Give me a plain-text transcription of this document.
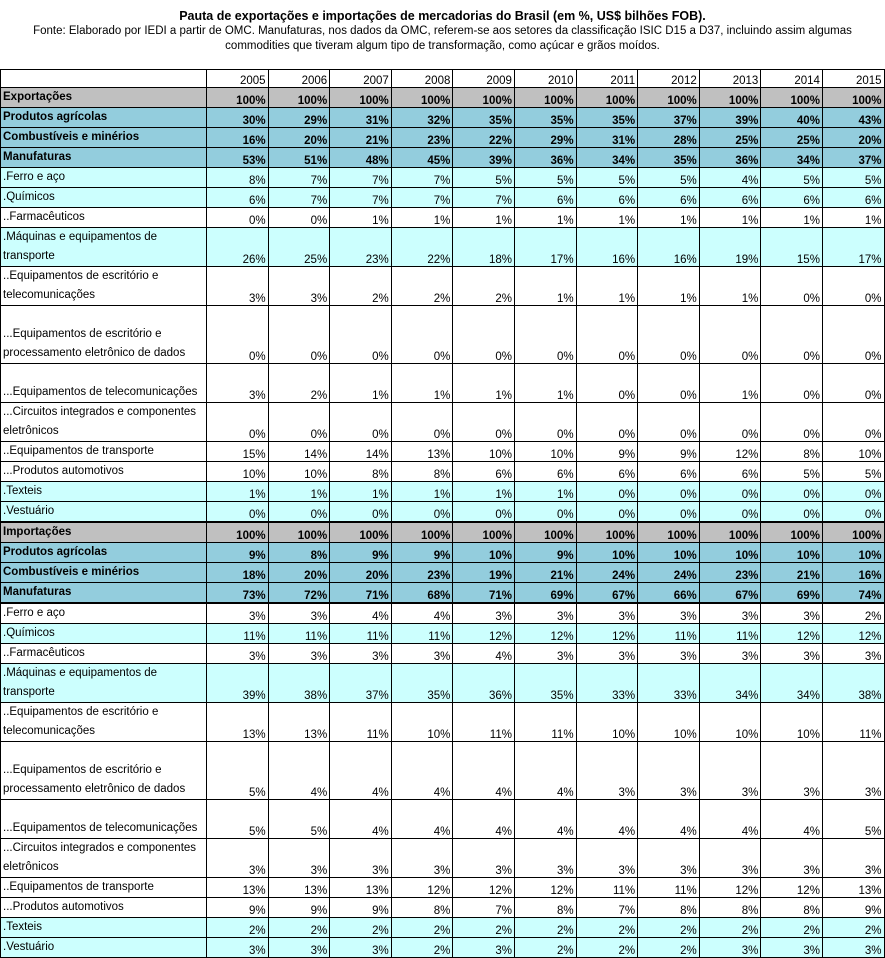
Pauta de exportações e importações de mercadorias do Brasil (em %, US$ bilhões FOB).
Fonte: Elaborado por IEDI a partir de OMC. Manufaturas, nos dados da OMC, referem-se aos setores da classificação ISIC D15 a D37, incluindo assim algumas commodities que tiveram algum tipo de transformação, como açúcar e grãos moídos.
	2005	2006	2007	2008	2009	2010	2011	2012	2013	2014	2015
Exportações	100%	100%	100%	100%	100%	100%	100%	100%	100%	100%	100%
Produtos agrícolas	30%	29%	31%	32%	35%	35%	35%	37%	39%	40%	43%
Combustíveis e minérios	16%	20%	21%	23%	22%	29%	31%	28%	25%	25%	20%
Manufaturas	53%	51%	48%	45%	39%	36%	34%	35%	36%	34%	37%
.Ferro e aço	8%	7%	7%	7%	5%	5%	5%	5%	4%	5%	5%
.Químicos	6%	7%	7%	7%	7%	6%	6%	6%	6%	6%	6%
..Farmacêuticos	0%	0%	1%	1%	1%	1%	1%	1%	1%	1%	1%
.Máquinas e equipamentos de transporte	26%	25%	23%	22%	18%	17%	16%	16%	19%	15%	17%
..Equipamentos de escritório e telecomunicações	3%	3%	2%	2%	2%	1%	1%	1%	1%	0%	0%
...Equipamentos de escritório e processamento eletrônico de dados	0%	0%	0%	0%	0%	0%	0%	0%	0%	0%	0%
...Equipamentos de telecomunicações	3%	2%	1%	1%	1%	1%	0%	0%	1%	0%	0%
...Circuitos integrados e componentes eletrônicos	0%	0%	0%	0%	0%	0%	0%	0%	0%	0%	0%
..Equipamentos de transporte	15%	14%	14%	13%	10%	10%	9%	9%	12%	8%	10%
...Produtos automotivos	10%	10%	8%	8%	6%	6%	6%	6%	6%	5%	5%
.Texteis	1%	1%	1%	1%	1%	1%	0%	0%	0%	0%	0%
.Vestuário	0%	0%	0%	0%	0%	0%	0%	0%	0%	0%	0%
Importações	100%	100%	100%	100%	100%	100%	100%	100%	100%	100%	100%
Produtos agrícolas	9%	8%	9%	9%	10%	9%	10%	10%	10%	10%	10%
Combustíveis e minérios	18%	20%	20%	23%	19%	21%	24%	24%	23%	21%	16%
Manufaturas	73%	72%	71%	68%	71%	69%	67%	66%	67%	69%	74%
.Ferro e aço	3%	3%	4%	4%	3%	3%	3%	3%	3%	3%	2%
.Químicos	11%	11%	11%	11%	12%	12%	12%	11%	11%	12%	12%
..Farmacêuticos	3%	3%	3%	3%	4%	3%	3%	3%	3%	3%	3%
.Máquinas e equipamentos de transporte	39%	38%	37%	35%	36%	35%	33%	33%	34%	34%	38%
..Equipamentos de escritório e telecomunicações	13%	13%	11%	10%	11%	11%	10%	10%	10%	10%	11%
...Equipamentos de escritório e processamento eletrônico de dados	5%	4%	4%	4%	4%	4%	3%	3%	3%	3%	3%
...Equipamentos de telecomunicações	5%	5%	4%	4%	4%	4%	4%	4%	4%	4%	5%
...Circuitos integrados e componentes eletrônicos	3%	3%	3%	3%	3%	3%	3%	3%	3%	3%	3%
..Equipamentos de transporte	13%	13%	13%	12%	12%	12%	11%	11%	12%	12%	13%
...Produtos automotivos	9%	9%	9%	8%	7%	8%	7%	8%	8%	8%	9%
.Texteis	2%	2%	2%	2%	2%	2%	2%	2%	2%	2%	2%
.Vestuário	3%	3%	3%	2%	3%	2%	2%	2%	3%	3%	3%
